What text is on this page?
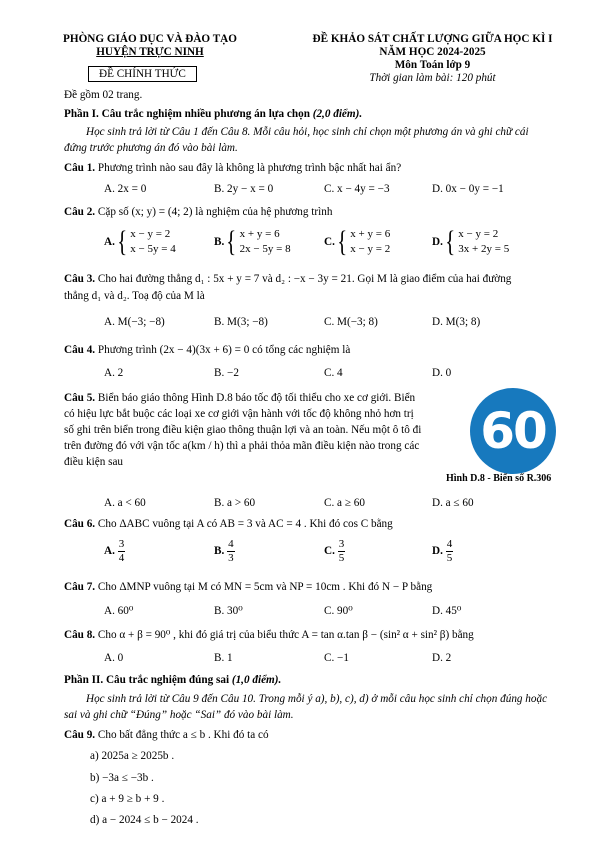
PHÒNG GIÁO DỤC VÀ ĐÀO TẠO
HUYỆN TRỰC NINH
ĐỀ CHÍNH THỨC
Đề gồm 02 trang.
ĐỀ KHẢO SÁT CHẤT LƯỢNG GIỮA HỌC KÌ I
NĂM HỌC 2024-2025
Môn Toán lớp 9
Thời gian làm bài: 120 phút
Phần I. Câu trắc nghiệm nhiều phương án lựa chọn (2,0 điểm).
Học sinh trả lời từ Câu 1 đến Câu 8. Mỗi câu hỏi, học sinh chỉ chọn một phương án và ghi chữ cái đứng trước phương án đó vào bài làm.
Câu 1. Phương trình nào sau đây là không là phương trình bậc nhất hai ẩn?
A. 2x = 0	B. 2y − x = 0	C. x − 4y = −3	D. 0x − 0y = −1
Câu 2. Cặp số (x; y) = (4; 2) là nghiệm của hệ phương trình
A. { x − y = 2
x − 5y = 4
B. { x + y = 6
2x − 5y = 8
C. { x + y = 6
x − y = 2
D. { x − y = 2
3x + 2y = 5
Câu 3. Cho hai đường thẳng d₁ : 5x + y = 7 và d₂ : −x − 3y = 21. Gọi M là giao điểm của hai đường
thẳng d₁ và d₂. Toạ độ của M là
A. M(−3; −8)	B. M(3; −8)	C. M(−3; 8)	D. M(3; 8)
Câu 4. Phương trình (2x − 4)(3x + 6) = 0 có tổng các nghiệm là
A. 2	B. −2	C. 4	D. 0
Câu 5. Biển báo giáo thông Hình D.8 báo tốc độ tối thiểu cho xe cơ giới. Biển có hiệu lực bắt buộc các loại xe cơ giới vận hành với tốc độ không nhỏ hơn trị số ghi trên biển trong điều kiện giao thông thuận lợi và an toàn. Nếu một ô tô đi trên đường đó với vận tốc a(km / h) thì a phải thỏa mãn điều kiện nào trong các điều kiện sau
60
Hình D.8 - Biển số R.306
A. a < 60	B. a > 60	C. a ≥ 60	D. a ≤ 60
Câu 6. Cho ΔABC vuông tại A có AB = 3 và AC = 4 . Khi đó cos C bằng
A. $\frac{3}{4}$	B. $\frac{4}{3}$	C. $\frac{3}{5}$	D. $\frac{4}{5}$
Câu 7. Cho ΔMNP vuông tại M có MN = 5cm và NP = 10cm . Khi đó N − P bằng
A. 60⁰	B. 30⁰	C. 90⁰	D. 45⁰
Câu 8. Cho α + β = 90⁰ , khi đó giá trị của biểu thức A = tan α.tan β − (sin² α + sin² β) bằng
A. 0	B. 1	C. −1	D. 2
Phần II. Câu trắc nghiệm đúng sai (1,0 điểm).
Học sinh trả lời từ Câu 9 đến Câu 10. Trong mỗi ý a), b), c), d) ở mỗi câu học sinh chỉ chọn đúng hoặc sai và ghi chữ “Đúng” hoặc “Sai” đó vào bài làm.
Câu 9. Cho bất đẳng thức a ≤ b . Khi đó ta có
a) 2025a ≥ 2025b .
b) −3a ≤ −3b .
c) a + 9 ≥ b + 9 .
d) a − 2024 ≤ b − 2024 .
